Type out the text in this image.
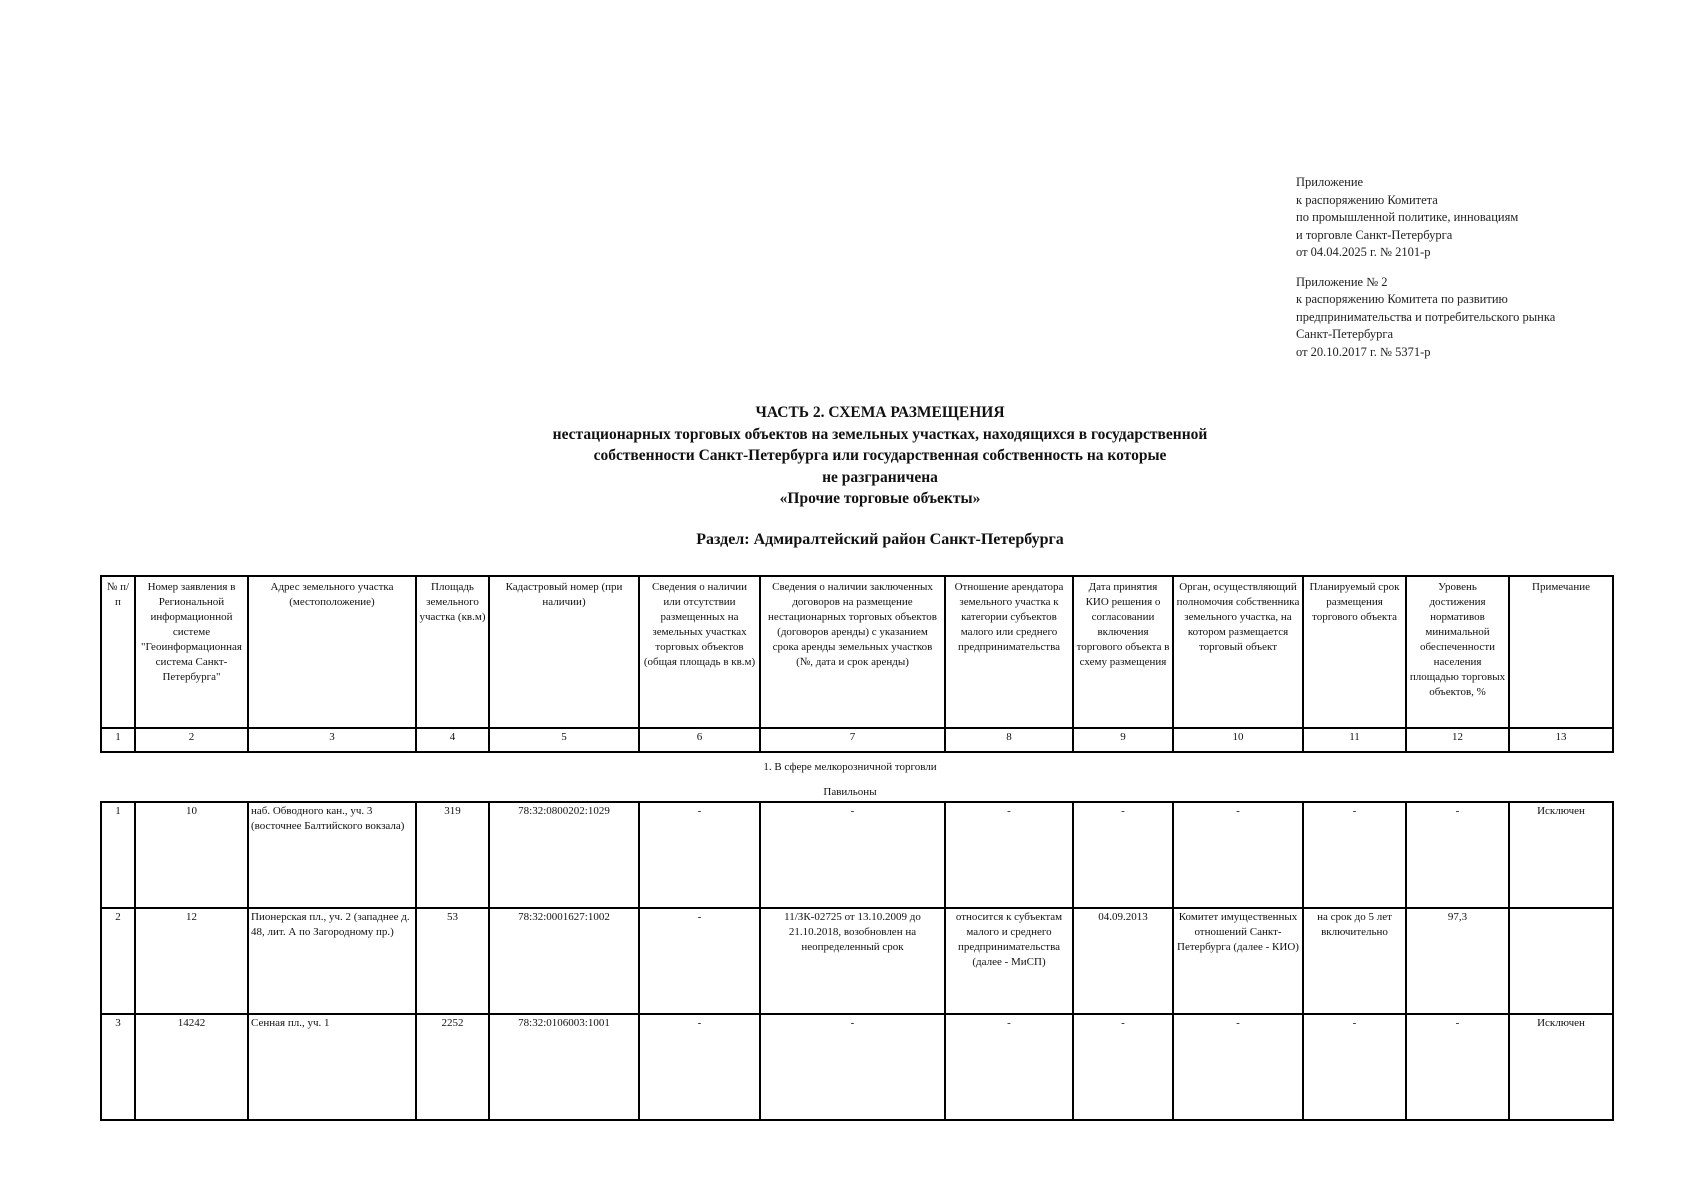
Приложение
к распоряжению Комитета
по промышленной политике, инновациям
и торговле Санкт-Петербурга
от 04.04.2025 г. № 2101-р
Приложение № 2
к распоряжению Комитета по развитию
предпринимательства и потребительского рынка
Санкт-Петербурга
от 20.10.2017 г. № 5371-р
ЧАСТЬ 2. СХЕМА РАЗМЕЩЕНИЯ
нестационарных торговых объектов на земельных участках, находящихся в государственной
собственности Санкт-Петербурга или государственная собственность на которые
не разграничена
«Прочие торговые объекты»
Раздел: Адмиралтейский район Санкт-Петербурга
№ п/п	Номер заявления в Региональной информационной системе "Геоинформационная система Санкт-Петербурга"	Адрес земельного участка (местоположение)	Площадь земельного участка (кв.м)	Кадастровый номер (при наличии)	Сведения о наличии или отсутствии размещенных на земельных участках торговых объектов (общая площадь в кв.м)	Сведения о наличии заключенных договоров на размещение нестационарных торговых объектов (договоров аренды) с указанием срока аренды земельных участков (№, дата и срок аренды)	Отношение арендатора земельного участка к категории субъектов малого или среднего предпринимательства	Дата принятия КИО решения о согласовании включения торгового объекта в схему размещения	Орган, осуществляющий полномочия собственника земельного участка, на котором размещается торговый объект	Планируемый срок размещения торгового объекта	Уровень достижения нормативов минимальной обеспеченности населения площадью торговых объектов, %	Примечание
1	2	3	4	5	6	7	8	9	10	11	12	13
1. В сфере мелкорозничной торговли
Павильоны
1	10	наб. Обводного кан., уч. 3 (восточнее Балтийского вокзала)	319	78:32:0800202:1029	-	-	-	-	-	-	-	Исключен
2	12	Пионерская пл., уч. 2 (западнее д. 48, лит. А по Загородному пр.)	53	78:32:0001627:1002	-	11/ЗК-02725 от 13.10.2009 до 21.10.2018, возобновлен на неопределенный срок	относится к субъектам малого и среднего предпринимательства (далее - МиСП)	04.09.2013	Комитет имущественных отношений Санкт-Петербурга (далее - КИО)	на срок до 5 лет включительно	97,3	
3	14242	Сенная пл., уч. 1	2252	78:32:0106003:1001	-	-	-	-	-	-	-	Исключен
